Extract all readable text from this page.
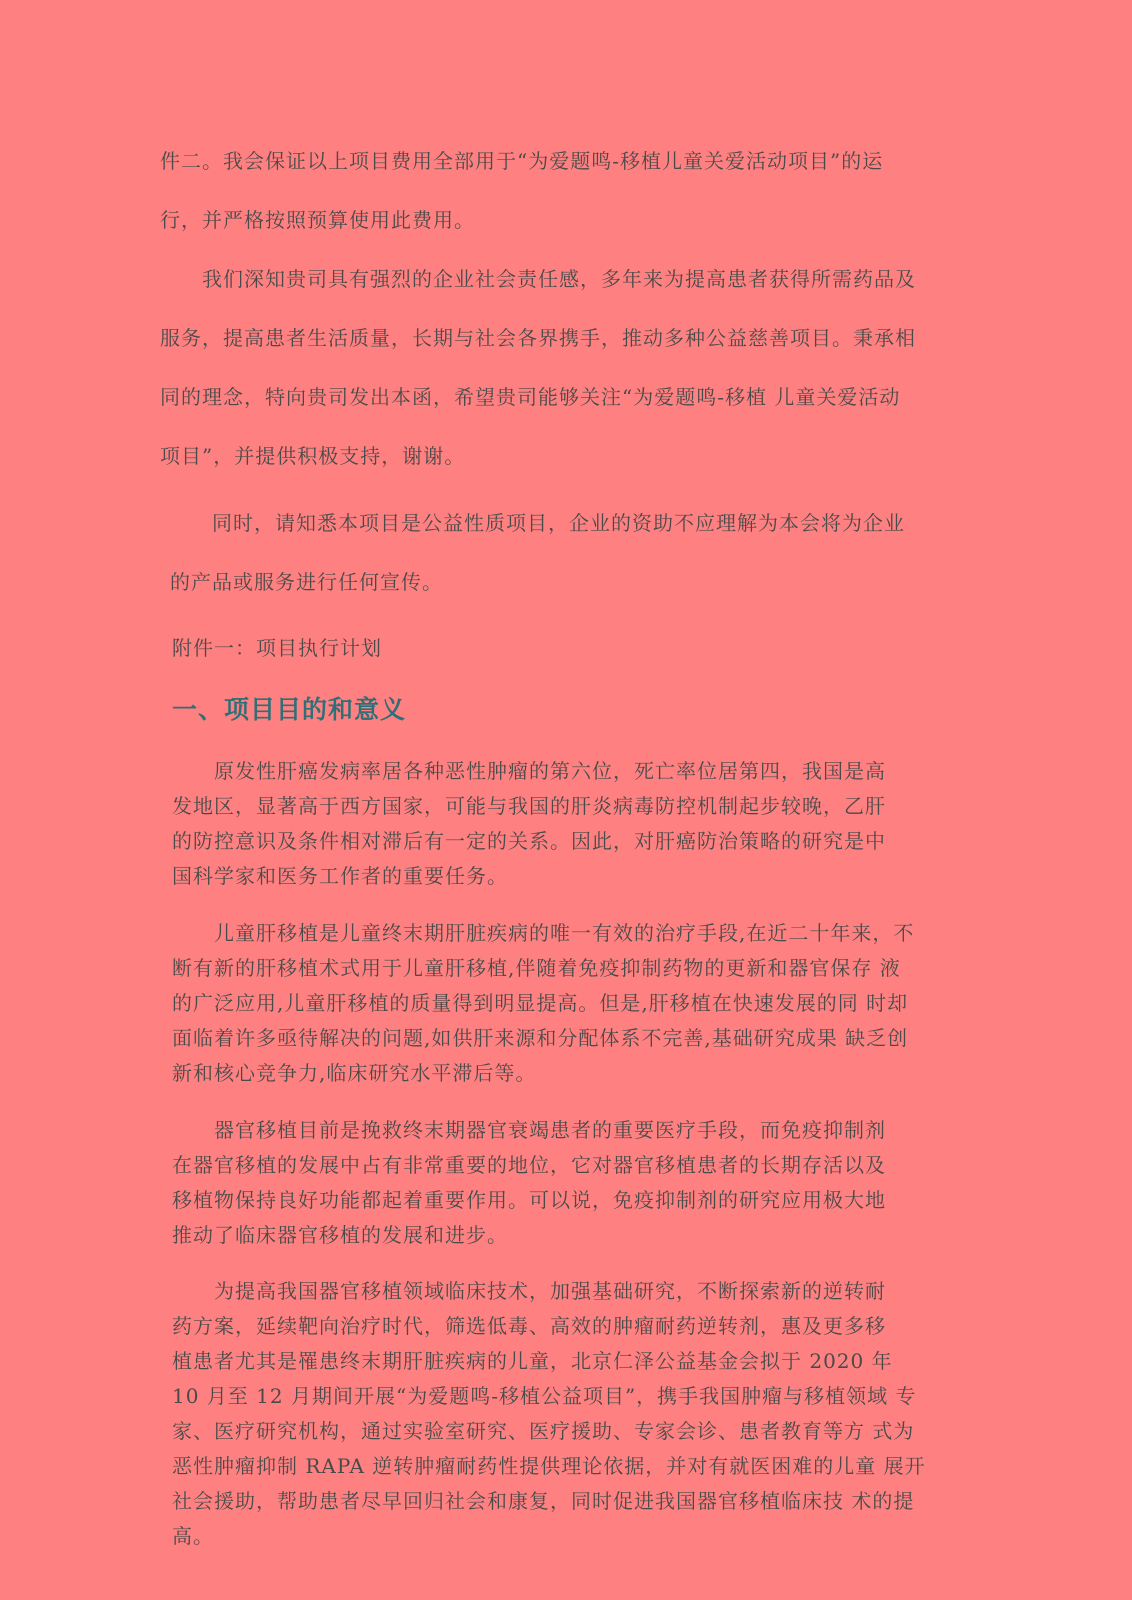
件二。我会保证以上项目费用全部用于“为爱题鸣-移植儿童关爱活动项目”的运
行，并严格按照预算使用此费用。
　　我们深知贵司具有强烈的企业社会责任感，多年来为提高患者获得所需药品及
服务，提高患者生活质量，长期与社会各界携手，推动多种公益慈善项目。秉承相
同的理念，特向贵司发出本函，希望贵司能够关注“为爱题鸣-移植 儿童关爱活动
项目”，并提供积极支持，谢谢。
　　同时，请知悉本项目是公益性质项目，企业的资助不应理解为本会将为企业
的产品或服务进行任何宣传。
附件一：项目执行计划
一、项目目的和意义
　　原发性肝癌发病率居各种恶性肿瘤的第六位，死亡率位居第四，我国是高
发地区，显著高于西方国家，可能与我国的肝炎病毒防控机制起步较晚，乙肝
的防控意识及条件相对滞后有一定的关系。因此，对肝癌防治策略的研究是中
国科学家和医务工作者的重要任务。
　　儿童肝移植是儿童终末期肝脏疾病的唯一有效的治疗手段,在近二十年来，不
断有新的肝移植术式用于儿童肝移植,伴随着免疫抑制药物的更新和器官保存 液
的广泛应用,儿童肝移植的质量得到明显提高。但是,肝移植在快速发展的同 时却
面临着许多亟待解决的问题,如供肝来源和分配体系不完善,基础研究成果 缺乏创
新和核心竞争力,临床研究水平滞后等。
　　器官移植目前是挽救终末期器官衰竭患者的重要医疗手段，而免疫抑制剂
在器官移植的发展中占有非常重要的地位，它对器官移植患者的长期存活以及
移植物保持良好功能都起着重要作用。可以说，免疫抑制剂的研究应用极大地
推动了临床器官移植的发展和进步。
　　为提高我国器官移植领域临床技术，加强基础研究，不断探索新的逆转耐
药方案，延续靶向治疗时代，筛选低毒、高效的肿瘤耐药逆转剂，惠及更多移
植患者尤其是罹患终末期肝脏疾病的儿童，北京仁泽公益基金会拟于 2020 年
10 月至 12 月期间开展“为爱题鸣-移植公益项目”，携手我国肿瘤与移植领域 专
家、医疗研究机构，通过实验室研究、医疗援助、专家会诊、患者教育等方 式为
恶性肿瘤抑制 RAPA 逆转肿瘤耐药性提供理论依据，并对有就医困难的儿童 展开
社会援助，帮助患者尽早回归社会和康复，同时促进我国器官移植临床技 术的提
高。
